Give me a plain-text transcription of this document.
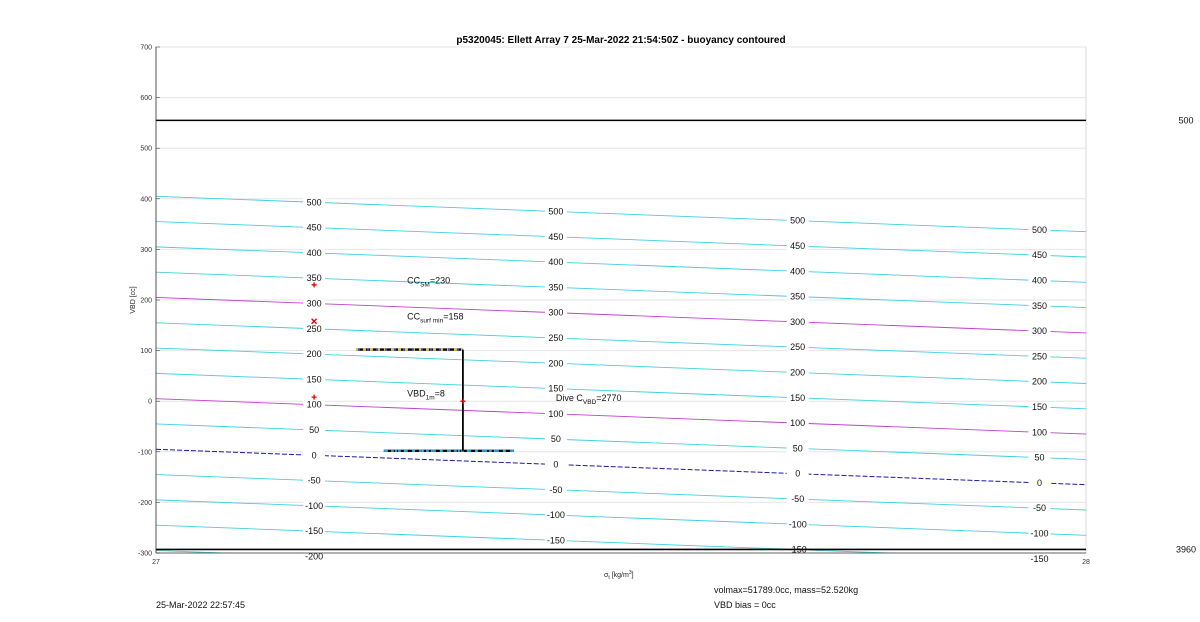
p5320045: Ellett Array 7 25-Mar-2022 21:54:50Z - buoyancy contoured
500
500
500
500
450
450
450
450
400
400
400
400
350
350
350
350
300
300
300
300
250
250
250
250
200
200
200
200
150
150
150
150
100
100
100
100
50
50
50
50
0
0
0
0
-50
-50
-50
-50
-100
-100
-100
-100
-150
-150
-150
-150
-200
500
3960
$CC_{SM}=230$
$CC_{surf min}=158$
$VBD_{1m}=8$	Dive $C_{VBD}=2770$
700
600
500
400
300
200
100
0
-100
-200
-300
27	28
VBD [cc]
$\sigma_t$ $[kg/m^3]$
25-Mar-2022 22:57:45
volmax=51789.0cc, mass=52.520kg
VBD bias = 0cc
